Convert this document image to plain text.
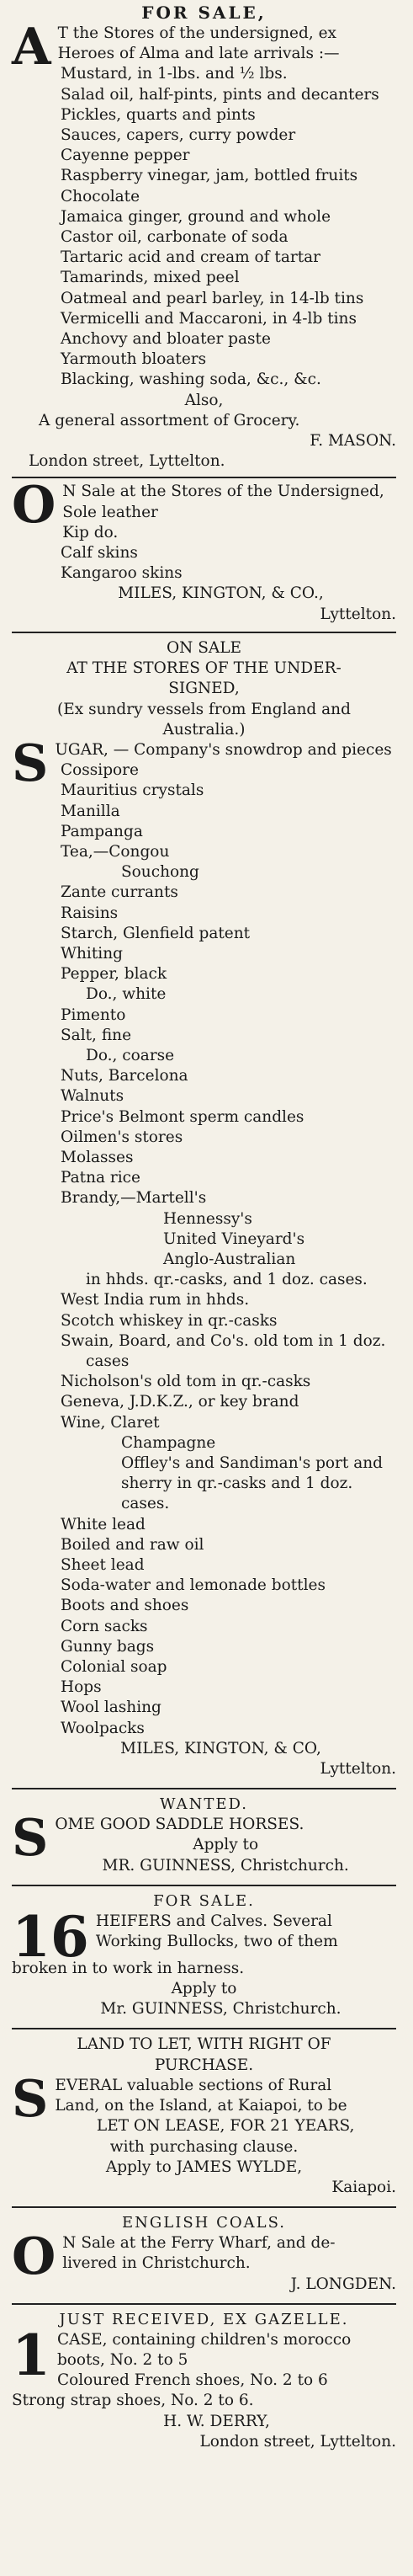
FOR SALE,
A T the Stores of the undersigned, ex Heroes of Alma and late arrivals :—
Mustard, in 1-lbs. and ½ lbs.
Salad oil, half-pints, pints and decanters
Pickles, quarts and pints
Sauces, capers, curry powder
Cayenne pepper
Raspberry vinegar, jam, bottled fruits
Chocolate
Jamaica ginger, ground and whole
Castor oil, carbonate of soda
Tartaric acid and cream of tartar
Tamarinds, mixed peel
Oatmeal and pearl barley, in 14-lb tins
Vermicelli and Maccaroni, in 4-lb tins
Anchovy and bloater paste
Yarmouth bloaters
Blacking, washing soda, &c., &c.
Also,
A general assortment of Grocery.
F. MASON.
London street, Lyttelton.
O N Sale at the Stores of the Undersigned,
Sole leather
Kip do.
Calf skins
Kangaroo skins
MILES, KINGTON, & CO.,
Lyttelton.
ON SALE
AT THE STORES OF THE UNDER-
SIGNED,
(Ex sundry vessels from England and
Australia.)
S UGAR, — Company's snowdrop and pieces
Cossipore
Mauritius crystals
Manilla
Pampanga
Tea,—Congou
Souchong
Zante currants
Raisins
Starch, Glenfield patent
Whiting
Pepper, black
Do., white
Pimento
Salt, fine
Do., coarse
Nuts, Barcelona
Walnuts
Price's Belmont sperm candles
Oilmen's stores
Molasses
Patna rice
Brandy,—Martell's
Hennessy's
United Vineyard's
Anglo-Australian
in hhds. qr.-casks, and 1 doz. cases.
West India rum in hhds.
Scotch whiskey in qr.-casks
Swain, Board, and Co's. old tom in 1 doz.
cases
Nicholson's old tom in qr.-casks
Geneva, J.D.K.Z., or key brand
Wine, Claret
Champagne
Offley's and Sandiman's port and
sherry in qr.-casks and 1 doz.
cases.
White lead
Boiled and raw oil
Sheet lead
Soda-water and lemonade bottles
Boots and shoes
Corn sacks
Gunny bags
Colonial soap
Hops
Wool lashing
Woolpacks
MILES, KINGTON, & CO,
Lyttelton.
WANTED.
S OME GOOD SADDLE HORSES.
Apply to
MR. GUINNESS, Christchurch.
FOR SALE.
16 HEIFERS and Calves. Several
Working Bullocks, two of them
broken in to work in harness.
Apply to
Mr. GUINNESS, Christchurch.
LAND TO LET, WITH RIGHT OF
PURCHASE.
S EVERAL valuable sections of Rural
Land, on the Island, at Kaiapoi, to be
LET ON LEASE, FOR 21 YEARS,
with purchasing clause.
Apply to JAMES WYLDE,
Kaiapoi.
ENGLISH COALS.
O N Sale at the Ferry Wharf, and de-
livered in Christchurch.
J. LONGDEN.
JUST RECEIVED, EX GAZELLE.
1 CASE, containing children's morocco
boots, No. 2 to 5
Coloured French shoes, No. 2 to 6
Strong strap shoes, No. 2 to 6.
H. W. DERRY,
London street, Lyttelton.
